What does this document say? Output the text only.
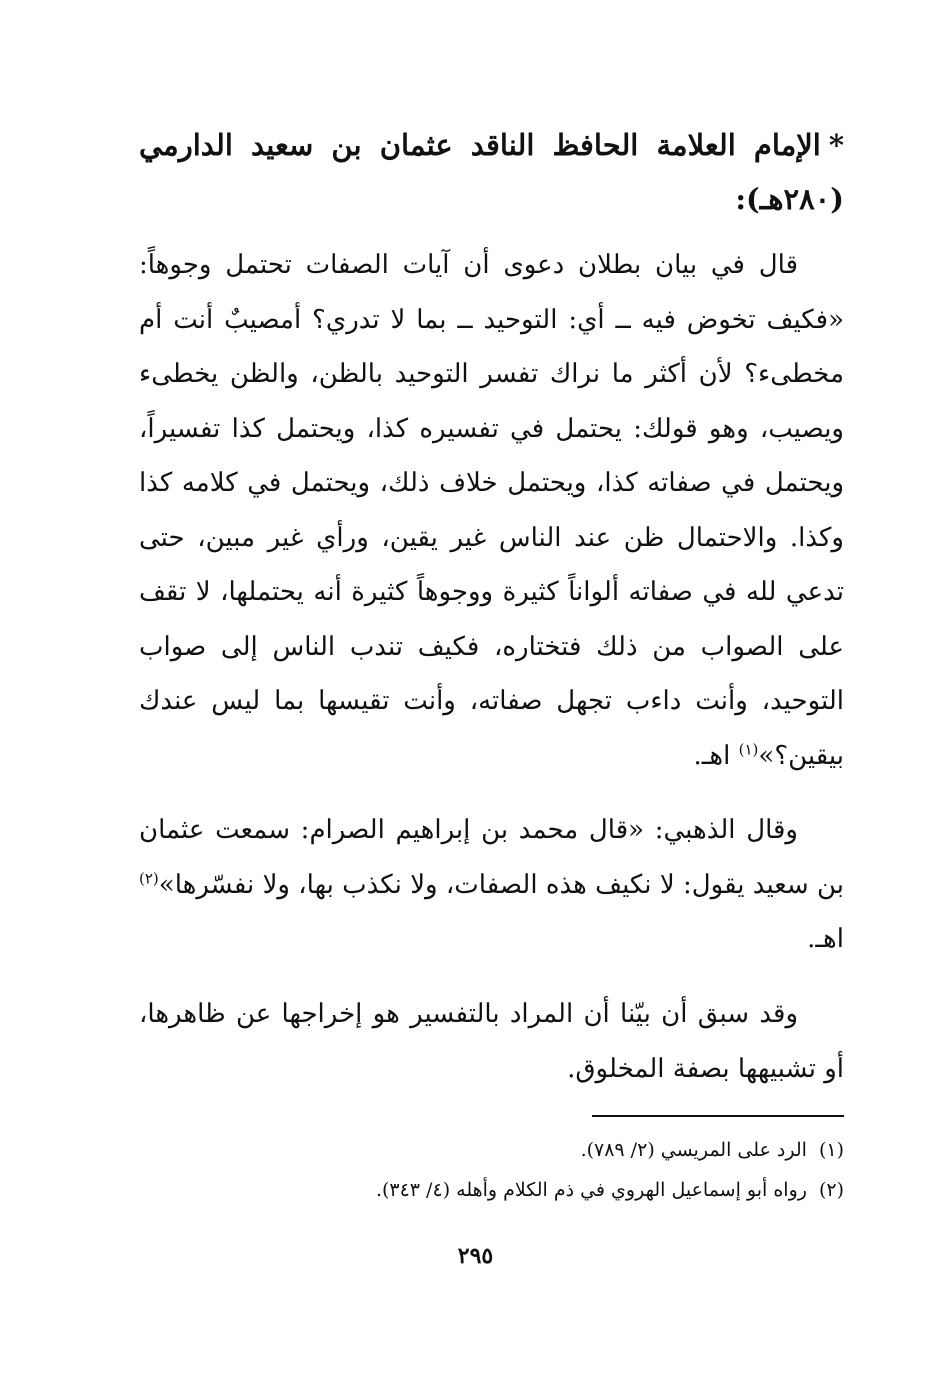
*الإمام العلامة الحافظ الناقد عثمان بن سعيد الدارمي (٢٨٠هـ):
قال في بيان بطلان دعوى أن آيات الصفات تحتمل وجوهاً: «فكيف تخوض فيه ــ أي: التوحيد ــ بما لا تدري؟ أمصيبٌ أنت أم مخطىء؟ لأن أكثر ما نراك تفسر التوحيد بالظن، والظن يخطىء ويصيب، وهو قولك: يحتمل في تفسيره كذا، ويحتمل كذا تفسيراً، ويحتمل في صفاته كذا، ويحتمل خلاف ذلك، ويحتمل في كلامه كذا وكذا. والاحتمال ظن عند الناس غير يقين، ورأي غير مبين، حتى تدعي لله في صفاته ألواناً كثيرة ووجوهاً كثيرة أنه يحتملها، لا تقف على الصواب من ذلك فتختاره، فكيف تندب الناس إلى صواب التوحيد، وأنت داءب تجهل صفاته، وأنت تقيسها بما ليس عندك بيقين؟»$^{(١)}$ اهـ.
وقال الذهبي: «قال محمد بن إبراهيم الصرام: سمعت عثمان بن سعيد يقول: لا نكيف هذه الصفات، ولا نكذب بها، ولا نفسّرها»$^{(٢)}$ اهـ.
وقد سبق أن بيّنا أن المراد بالتفسير هو إخراجها عن ظاهرها، أو تشبيهها بصفة المخلوق.
(١)الرد على المريسي (٢/ ٧٨٩).
(٢)رواه أبو إسماعيل الهروي في ذم الكلام وأهله (٤/ ٣٤٣).
٢٩٥
